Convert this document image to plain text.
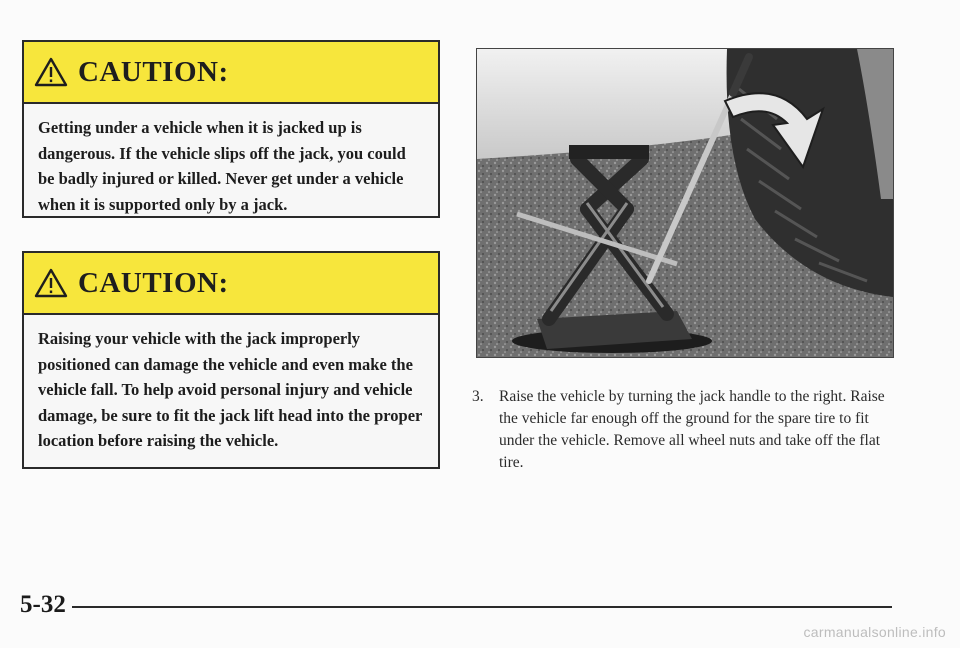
CAUTION:
Getting under a vehicle when it is jacked up is dangerous. If the vehicle slips off the jack, you could be badly injured or killed. Never get under a vehicle when it is supported only by a jack.
CAUTION:
Raising your vehicle with the jack improperly positioned can damage the vehicle and even make the vehicle fall. To help avoid personal injury and vehicle damage, be sure to fit the jack lift head into the proper location before raising the vehicle.
3. Raise the vehicle by turning the jack handle to the right. Raise the vehicle far enough off the ground for the spare tire to fit under the vehicle. Remove all wheel nuts and take off the flat tire.
5-32
carmanualsonline.info
